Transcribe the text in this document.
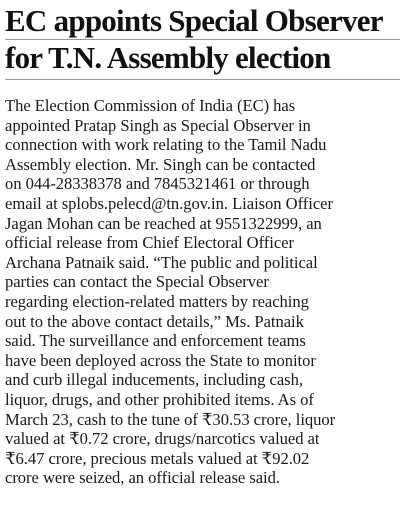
EC appoints Special Observer
for T.N. Assembly election

The Election Commission of India (EC) has
appointed Pratap Singh as Special Observer in
connection with work relating to the Tamil Nadu
Assembly election. Mr. Singh can be contacted
on 044-28338378 and 7845321461 or through
email at splobs.pelecd@tn.gov.in. Liaison Officer
Jagan Mohan can be reached at 9551322999, an
official release from Chief Electoral Officer
Archana Patnaik said. “The public and political
parties can contact the Special Observer
regarding election-related matters by reaching
out to the above contact details,” Ms. Patnaik
said. The surveillance and enforcement teams
have been deployed across the State to monitor
and curb illegal inducements, including cash,
liquor, drugs, and other prohibited items. As of
March 23, cash to the tune of ₹30.53 crore, liquor
valued at ₹0.72 crore, drugs/narcotics valued at
₹6.47 crore, precious metals valued at ₹92.02
crore were seized, an official release said.
